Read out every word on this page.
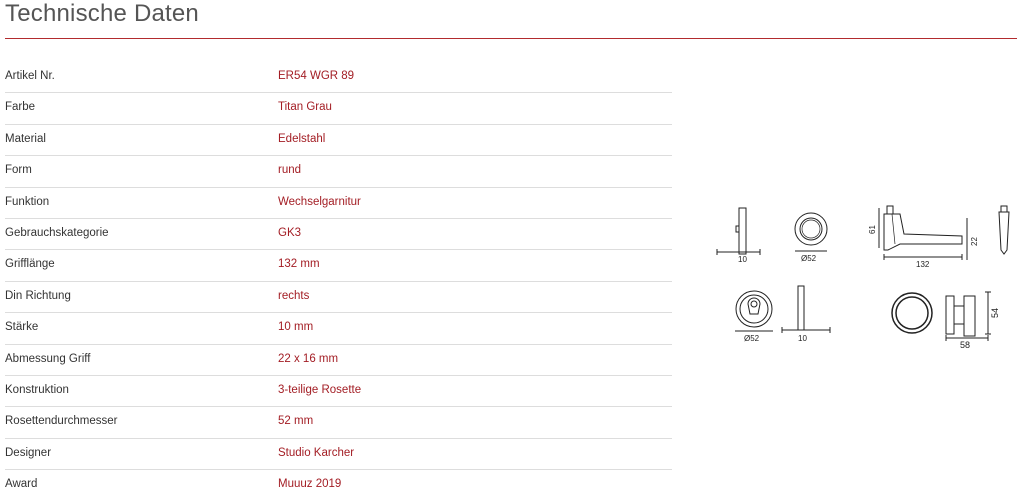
Technische Daten
Artikel Nr.	ER54 WGR 89
Farbe	Titan Grau
Material	Edelstahl
Form	rund
Funktion	Wechselgarnitur
Gebrauchskategorie	GK3
Grifflänge	132 mm
Din Richtung	rechts
Stärke	10 mm
Abmessung Griff	22 x 16 mm
Konstruktion	3-teilige Rosette
Rosettendurchmesser	52 mm
Designer	Studio Karcher
Award	Muuuz 2019
10	Ø52
61
132
22
Ø52	10
54
58
